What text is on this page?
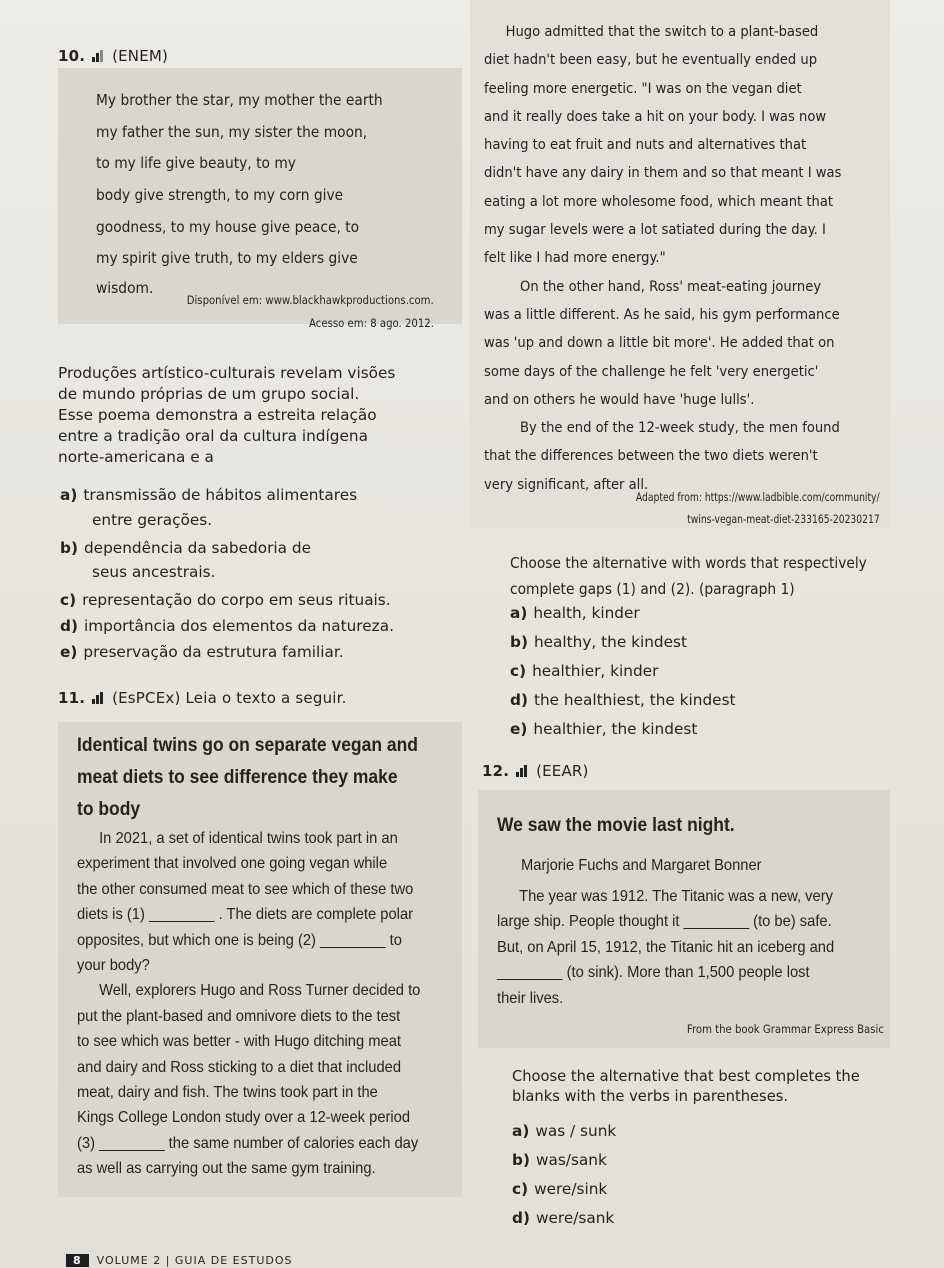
10. (ENEM)
My brother the star, my mother the earth
my father the sun, my sister the moon,
to my life give beauty, to my
body give strength, to my corn give
goodness, to my house give peace, to
my spirit give truth, to my elders give
wisdom.
Disponível em: www.blackhawkproductions.com.
Acesso em: 8 ago. 2012.
Produções artístico-culturais revelam visões
de mundo próprias de um grupo social.
Esse poema demonstra a estreita relação
entre a tradição oral da cultura indígena
norte-americana e a
a) transmissão de hábitos alimentares
entre gerações.
b) dependência da sabedoria de
seus ancestrais.
c) representação do corpo em seus rituais.
d) importância dos elementos da natureza.
e) preservação da estrutura familiar.
11. (EsPCEx) Leia o texto a seguir.
Identical twins go on separate vegan and
meat diets to see difference they make
to body
In 2021, a set of identical twins took part in an
experiment that involved one going vegan while
the other consumed meat to see which of these two
diets is (1) ________ . The diets are complete polar
opposites, but which one is being (2) ________ to
your body?
Well, explorers Hugo and Ross Turner decided to
put the plant-based and omnivore diets to the test
to see which was better - with Hugo ditching meat
and dairy and Ross sticking to a diet that included
meat, dairy and fish. The twins took part in the
Kings College London study over a 12-week period
(3) ________ the same number of calories each day
as well as carrying out the same gym training.
Hugo admitted that the switch to a plant-based
diet hadn't been easy, but he eventually ended up
feeling more energetic. "I was on the vegan diet
and it really does take a hit on your body. I was now
having to eat fruit and nuts and alternatives that
didn't have any dairy in them and so that meant I was
eating a lot more wholesome food, which meant that
my sugar levels were a lot satiated during the day. I
felt like I had more energy."
On the other hand, Ross' meat-eating journey
was a little different. As he said, his gym performance
was 'up and down a little bit more'. He added that on
some days of the challenge he felt 'very energetic'
and on others he would have 'huge lulls'.
By the end of the 12-week study, the men found
that the differences between the two diets weren't
very significant, after all.
Adapted from: https://www.ladbible.com/community/
twins-vegan-meat-diet-233165-20230217
Choose the alternative with words that respectively
complete gaps (1) and (2). (paragraph 1)
a) health, kinder
b) healthy, the kindest
c) healthier, kinder
d) the healthiest, the kindest
e) healthier, the kindest
12. (EEAR)
We saw the movie last night.
Marjorie Fuchs and Margaret Bonner
The year was 1912. The Titanic was a new, very
large ship. People thought it ________ (to be) safe.
But, on April 15, 1912, the Titanic hit an iceberg and
________ (to sink). More than 1,500 people lost
their lives.
From the book Grammar Express Basic
Choose the alternative that best completes the
blanks with the verbs in parentheses.
a) was / sunk
b) was/sank
c) were/sink
d) were/sank
8 VOLUME 2 | GUIA DE ESTUDOS
